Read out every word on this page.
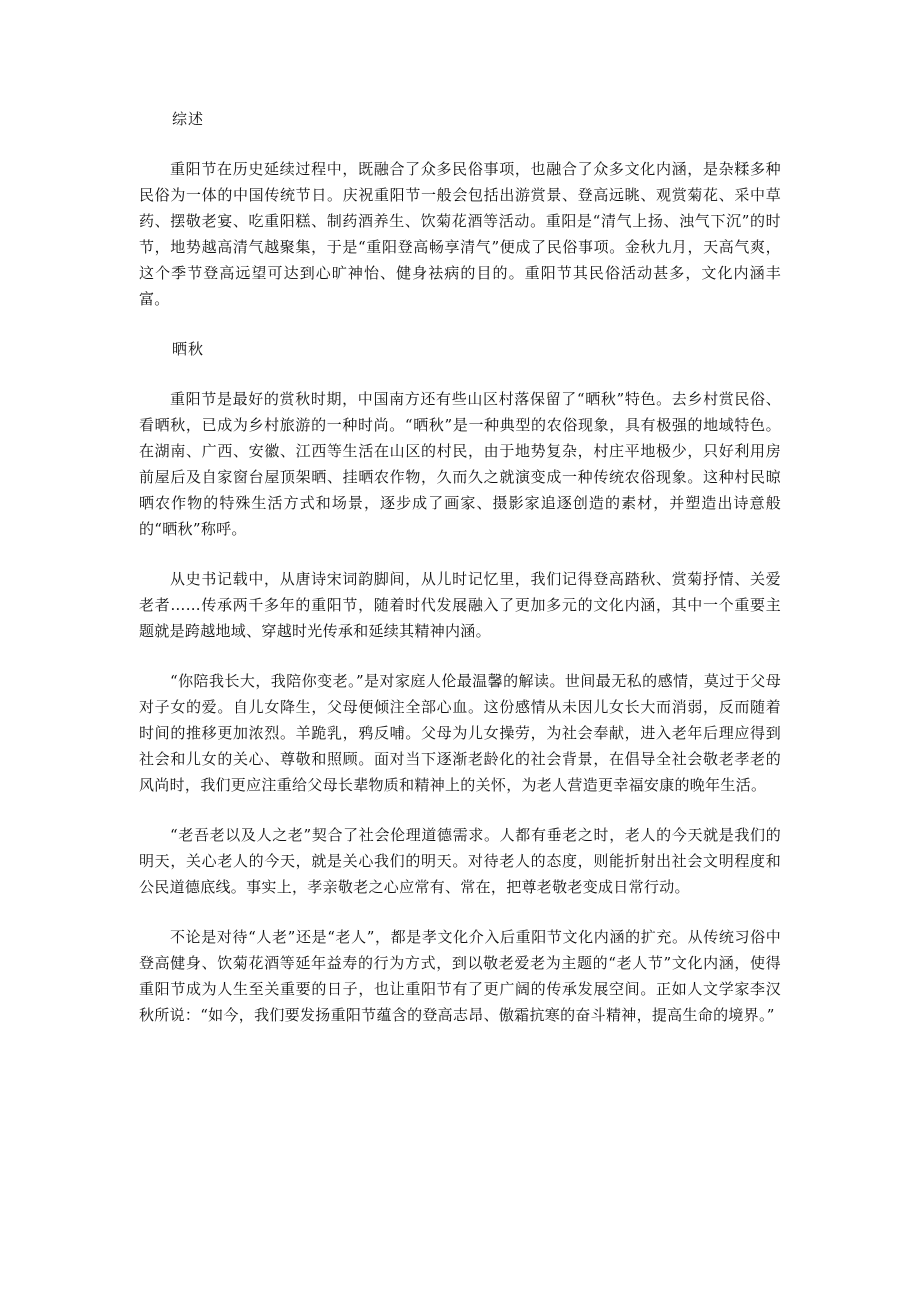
综述

重阳节在历史延续过程中，既融合了众多民俗事项，也融合了众多文化内涵，是杂糅多种民俗为一体的中国传统节日。庆祝重阳节一般会包括出游赏景、登高远眺、观赏菊花、采中草药、摆敬老宴、吃重阳糕、制药酒养生、饮菊花酒等活动。重阳是“清气上扬、浊气下沉”的时节，地势越高清气越聚集，于是“重阳登高畅享清气”便成了民俗事项。金秋九月，天高气爽，这个季节登高远望可达到心旷神怡、健身祛病的目的。重阳节其民俗活动甚多，文化内涵丰富。

晒秋

重阳节是最好的赏秋时期，中国南方还有些山区村落保留了“晒秋”特色。去乡村赏民俗、看晒秋，已成为乡村旅游的一种时尚。“晒秋”是一种典型的农俗现象，具有极强的地域特色。在湖南、广西、安徽、江西等生活在山区的村民，由于地势复杂，村庄平地极少，只好利用房前屋后及自家窗台屋顶架晒、挂晒农作物，久而久之就演变成一种传统农俗现象。这种村民晾晒农作物的特殊生活方式和场景，逐步成了画家、摄影家追逐创造的素材，并塑造出诗意般的“晒秋”称呼。

从史书记载中，从唐诗宋词韵脚间，从儿时记忆里，我们记得登高踏秋、赏菊抒情、关爱老者……传承两千多年的重阳节，随着时代发展融入了更加多元的文化内涵，其中一个重要主题就是跨越地域、穿越时光传承和延续其精神内涵。

“你陪我长大，我陪你变老。”是对家庭人伦最温馨的解读。世间最无私的感情，莫过于父母对子女的爱。自儿女降生，父母便倾注全部心血。这份感情从未因儿女长大而消弱，反而随着时间的推移更加浓烈。羊跪乳，鸦反哺。父母为儿女操劳，为社会奉献，进入老年后理应得到社会和儿女的关心、尊敬和照顾。面对当下逐渐老龄化的社会背景，在倡导全社会敬老孝老的风尚时，我们更应注重给父母长辈物质和精神上的关怀，为老人营造更幸福安康的晚年生活。

“老吾老以及人之老”契合了社会伦理道德需求。人都有垂老之时，老人的今天就是我们的明天，关心老人的今天，就是关心我们的明天。对待老人的态度，则能折射出社会文明程度和公民道德底线。事实上，孝亲敬老之心应常有、常在，把尊老敬老变成日常行动。

不论是对待“人老”还是“老人”，都是孝文化介入后重阳节文化内涵的扩充。从传统习俗中登高健身、饮菊花酒等延年益寿的行为方式，到以敬老爱老为主题的“老人节”文化内涵，使得重阳节成为人生至关重要的日子，也让重阳节有了更广阔的传承发展空间。正如人文学家李汉秋所说：“如今，我们要发扬重阳节蕴含的登高志昂、傲霜抗寒的奋斗精神，提高生命的境界。”
